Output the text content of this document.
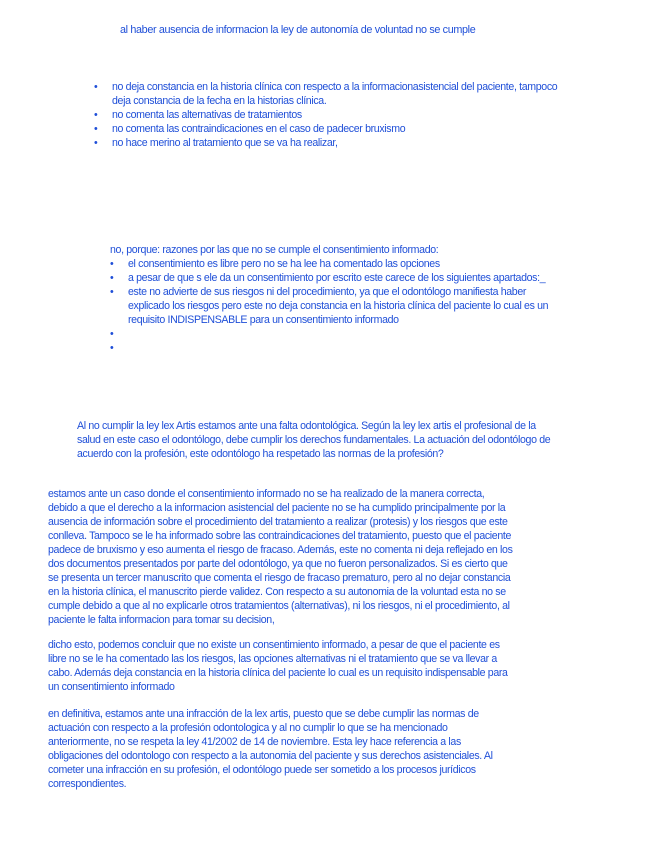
al haber ausencia de informacion la ley de autonomía de voluntad no se cumple
• no deja constancia en la historia clínica con respecto a la informacionasistencial del paciente, tampoco
deja constancia de la fecha en la historias clínica.
• no comenta las alternativas de tratamientos
• no comenta las contraindicaciones en el caso de padecer bruxismo
• no hace merino al tratamiento que se va ha realizar,
no, porque: razones por las que no se cumple el consentimiento informado:
• el consentimiento es libre pero no se ha lee ha comentado las opciones
• a pesar de que s ele da un consentimiento por escrito este carece de los siguientes apartados:_
• este no advierte de sus riesgos ni del procedimiento, ya que el odontólogo manifiesta haber
explicado los riesgos pero este no deja constancia en la historia clínica del paciente lo cual es un
requisito INDISPENSABLE para un consentimiento informado
•

•

Al no cumplir la ley lex Artis estamos ante una falta odontológica. Según la ley lex artis el profesional de la
salud en este caso el odontólogo, debe cumplir los derechos fundamentales. La actuación del odontólogo de
acuerdo con la profesión, este odontólogo ha respetado las normas de la profesión?
estamos ante un caso donde el consentimiento informado no se ha realizado de la manera correcta,
debido a que el derecho a la informacion asistencial del paciente no se ha cumplido principalmente por la
ausencia de información sobre el procedimiento del tratamiento a realizar (protesis) y los riesgos que este
conlleva. Tampoco se le ha informado sobre las contraindicaciones del tratamiento, puesto que el paciente
padece de bruxismo y eso aumenta el riesgo de fracaso. Además, este no comenta ni deja reflejado en los
dos documentos presentados por parte del odontólogo, ya que no fueron personalizados. Si es cierto que
se presenta un tercer manuscrito que comenta el riesgo de fracaso prematuro, pero al no dejar constancia
en la historia clínica, el manuscrito pierde validez. Con respecto a su autonomia de la voluntad esta no se
cumple debido a que al no explicarle otros tratamientos (alternativas), ni los riesgos, ni el procedimiento, al
paciente le falta informacion para tomar su decision,
dicho esto, podemos concluir que no existe un consentimiento informado, a pesar de que el paciente es
libre no se le ha comentado las los riesgos, las opciones alternativas ni el tratamiento que se va llevar a
cabo. Además deja constancia en la historia clínica del paciente lo cual es un requisito indispensable para
un consentimiento informado
en definitiva, estamos ante una infracción de la lex artis, puesto que se debe cumplir las normas de
actuación con respecto a la profesión odontologica y al no cumplir lo que se ha mencionado
anteriormente, no se respeta la ley 41/2002 de 14 de noviembre. Esta ley hace referencia a las
obligaciones del odontologo con respecto a la autonomia del paciente y sus derechos asistenciales. Al
cometer una infracción en su profesión, el odontólogo puede ser sometido a los procesos jurídicos
correspondientes.
